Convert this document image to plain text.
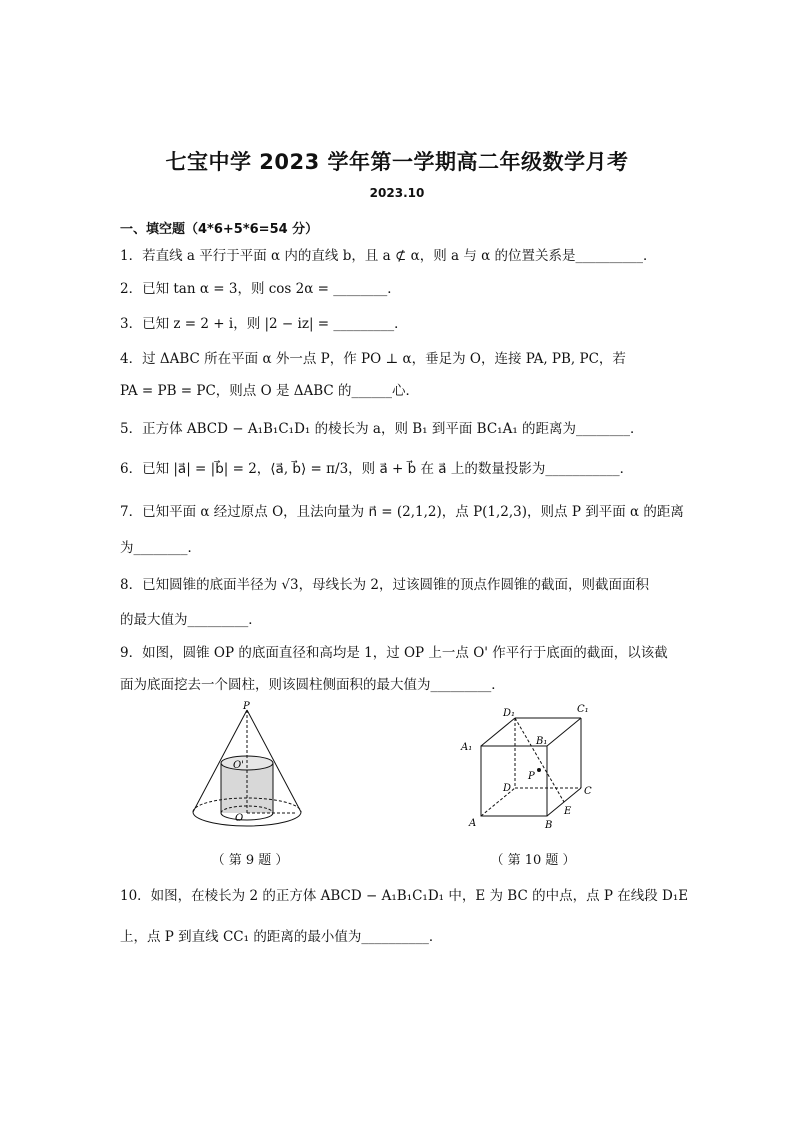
七宝中学 2023 学年第一学期高二年级数学月考
2023.10
一、填空题（4*6+5*6=54 分）
1．若直线 a 平行于平面 α 内的直线 b，且 a ⊄ α，则 a 与 α 的位置关系是__________．
2．已知 tan α = 3，则 cos 2α = ________．
3．已知 z = 2 + i，则 |2 − iz| = _________．
4．过 ΔABC 所在平面 α 外一点 P，作 PO ⊥ α，垂足为 O，连接 PA, PB, PC，若
PA = PB = PC，则点 O 是 ΔABC 的______心．
5．正方体 ABCD − A₁B₁C₁D₁ 的棱长为 a，则 B₁ 到平面 BC₁A₁ 的距离为________．
6．已知 |a⃗| = |b⃗| = 2，⟨a⃗, b⃗⟩ = π/3，则 a⃗ + b⃗ 在 a⃗ 上的数量投影为___________．
7．已知平面 α 经过原点 O，且法向量为 n⃗ = (2,1,2)，点 P(1,2,3)，则点 P 到平面 α 的距离
为________．
8．已知圆锥的底面半径为 √3，母线长为 2，过该圆锥的顶点作圆锥的截面，则截面面积
的最大值为_________．
9．如图，圆锥 OP 的底面直径和高均是 1，过 OP 上一点 O' 作平行于底面的截面，以该截
面为底面挖去一个圆柱，则该圆柱侧面积的最大值为_________．
P
O'
O
（ 第 9 题 ）
D₁	C₁
A₁
B₁
P
D	C
E
A	B
（ 第 10 题 ）
10．如图，在棱长为 2 的正方体 ABCD − A₁B₁C₁D₁ 中，E 为 BC 的中点，点 P 在线段 D₁E
上，点 P 到直线 CC₁ 的距离的最小值为__________．
